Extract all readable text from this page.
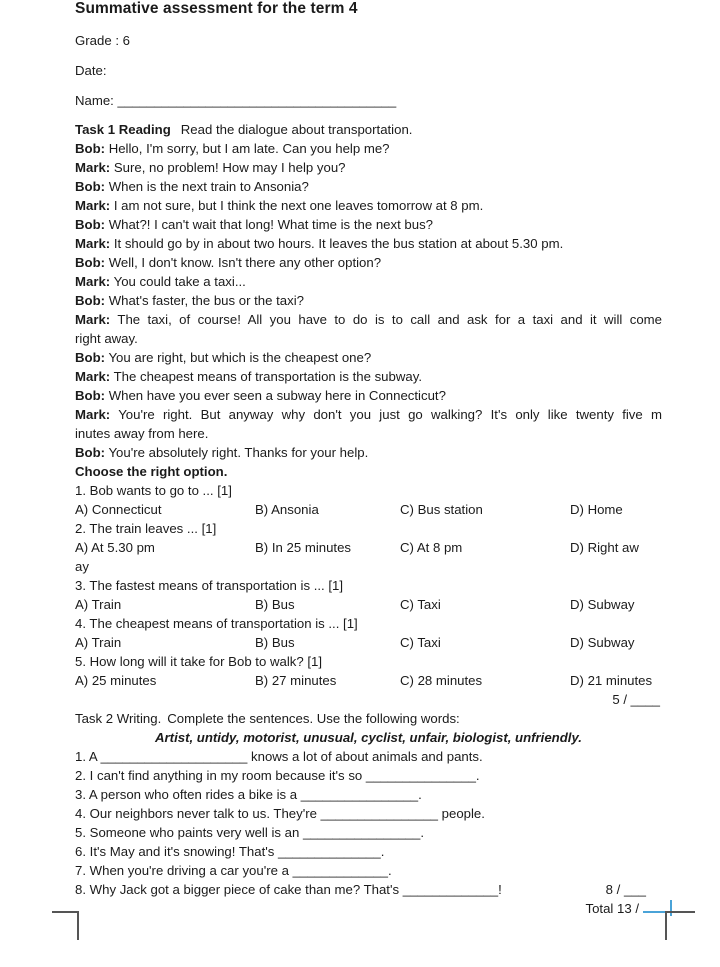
Summative assessment for the term 4
Grade : 6
Date:
Name: ______________________________________
Task 1 Reading Read the dialogue about transportation.
Bob: Hello, I'm sorry, but I am late. Can you help me?
Mark: Sure, no problem! How may I help you?
Bob: When is the next train to Ansonia?
Mark: I am not sure, but I think the next one leaves tomorrow at 8 pm.
Bob: What?! I can't wait that long! What time is the next bus?
Mark: It should go by in about two hours. It leaves the bus station at about 5.30 pm.
Bob: Well, I don't know. Isn't there any other option?
Mark: You could take a taxi...
Bob: What's faster, the bus or the taxi?
Mark: The taxi, of course! All you have to do is to call and ask for a taxi and it will come
right away.
Bob: You are right, but which is the cheapest one?
Mark: The cheapest means of transportation is the subway.
Bob: When have you ever seen a subway here in Connecticut?
Mark: You're right. But anyway why don't you just go walking? It's only like twenty five m
inutes away from here.
Bob: You're absolutely right. Thanks for your help.
Choose the right option.
1. Bob wants to go to ... [1]
A) Connecticut	B) Ansonia	C) Bus station	D) Home
2. The train leaves ... [1]
A) At 5.30 pm	B) In 25 minutes	C) At 8 pm	D) Right aw
ay
3. The fastest means of transportation is ... [1]
A) Train	B) Bus	C) Taxi	D) Subway
4. The cheapest means of transportation is ... [1]
A) Train	B) Bus	C) Taxi	D) Subway
5. How long will it take for Bob to walk? [1]
A) 25 minutes	B) 27 minutes	C) 28 minutes	D) 21 minutes
5 / ____
Task 2 Writing. Complete the sentences. Use the following words:
Artist, untidy, motorist, unusual, cyclist, unfair, biologist, unfriendly.
1. A ____________________ knows a lot of about animals and pants.
2. I can't find anything in my room because it's so _______________.
3. A person who often rides a bike is a ________________.
4. Our neighbors never talk to us. They're ________________ people.
5. Someone who paints very well is an ________________.
6. It's May and it's snowing! That's ______________.
7. When you're driving a car you're a _____________.
8. Why Jack got a bigger piece of cake than me? That's _____________!	8 / ___
Total 13 /
